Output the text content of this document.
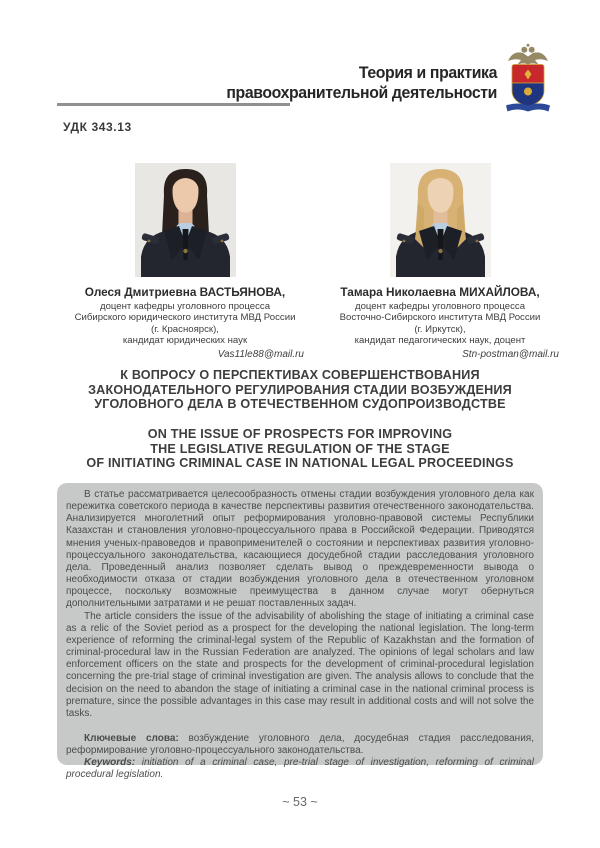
Теория и практика
правоохранительной деятельности
УДК 343.13
Олеся Дмитриевна ВАСТЬЯНОВА,
доцент кафедры уголовного процесса
Сибирского юридического института МВД России
(г. Красноярск),
кандидат юридических наук
Vas11le88@mail.ru
Тамара Николаевна МИХАЙЛОВА,
доцент кафедры уголовного процесса
Восточно-Сибирского института МВД России
(г. Иркутск),
кандидат педагогических наук, доцент
Stn-postman@mail.ru
К ВОПРОСУ О ПЕРСПЕКТИВАХ СОВЕРШЕНСТВОВАНИЯ
ЗАКОНОДАТЕЛЬНОГО РЕГУЛИРОВАНИЯ СТАДИИ ВОЗБУЖДЕНИЯ
УГОЛОВНОГО ДЕЛА В ОТЕЧЕСТВЕННОМ СУДОПРОИЗВОДСТВЕ
ON THE ISSUE OF PROSPECTS FOR IMPROVING
THE LEGISLATIVE REGULATION OF THE STAGE
OF INITIATING CRIMINAL CASE IN NATIONAL LEGAL PROCEEDINGS

В статье рассматривается целесообразность отмены стадии возбуждения уголовного дела как пережитка советского периода в качестве перспективы развития отечественного законодательства. Анализируется многолетний опыт реформирования уголовно-правовой системы Республики Казахстан и становления уголовно-процессуального права в Российской Федерации. Приводятся мнения ученых-правоведов и правоприменителей о состоянии и перспективах развития уголовно-процессуального законодательства, касающиеся досудебной стадии расследования уголовного дела. Проведенный анализ позволяет сделать вывод о преждевременности вывода о необходимости отказа от стадии возбуждения уголовного дела в отечественном уголовном процессе, поскольку возможные преимущества в данном случае могут обернуться дополнительными затратами и не решат поставленных задач.

The article considers the issue of the advisability of abolishing the stage of initiating a criminal case as a relic of the Soviet period as a prospect for the developing the national legislation. The long-term experience of reforming the criminal-legal system of the Republic of Kazakhstan and the formation of criminal-procedural law in the Russian Federation are analyzed. The opinions of legal scholars and law enforcement officers on the state and prospects for the development of criminal-procedural legislation concerning the pre-trial stage of criminal investigation are given. The analysis allows to conclude that the decision on the need to abandon the stage of initiating a criminal case in the national criminal process is premature, since the possible advantages in this case may result in additional costs and will not solve the tasks.

Ключевые слова: возбуждение уголовного дела, досудебная стадия расследования, реформирование уголовно-процессуального законодательства.

Keywords: initiation of a criminal case, pre-trial stage of investigation, reforming of criminal procedural legislation.

~ 53 ~
